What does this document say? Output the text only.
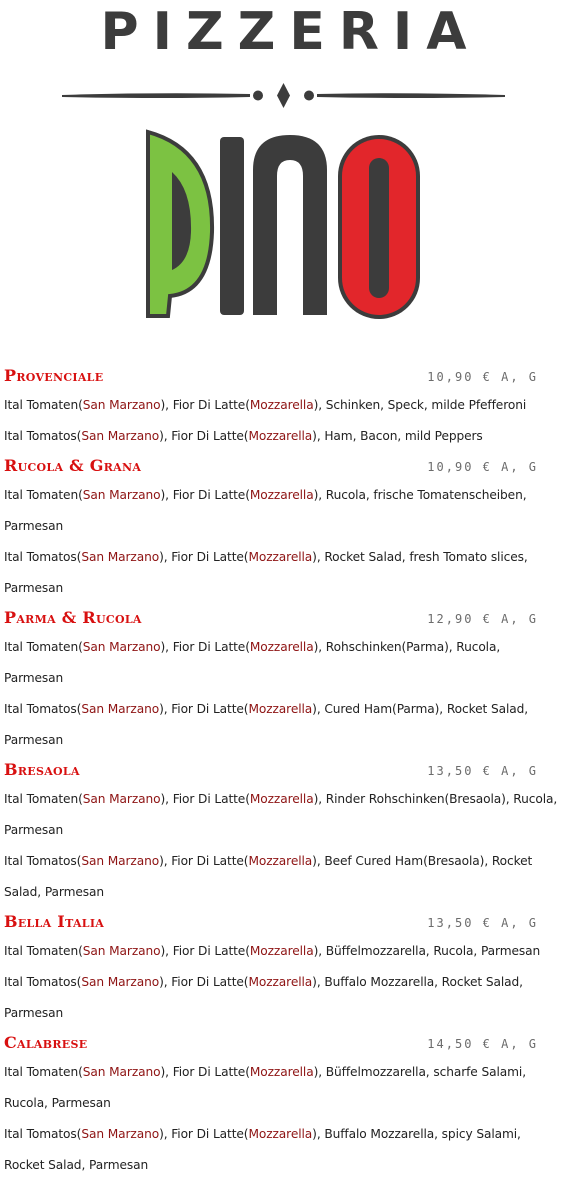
PIZZERIA
Provenciale	10,90 € A, G

Ital Tomaten(San Marzano), Fior Di Latte(Mozzarella), Schinken, Speck, milde Pfefferoni

Ital Tomatos(San Marzano), Fior Di Latte(Mozzarella), Ham, Bacon, mild Peppers

Rucola & Grana	10,90 € A, G

Ital Tomaten(San Marzano), Fior Di Latte(Mozzarella), Rucola, frische Tomatenscheiben, Parmesan

Ital Tomatos(San Marzano), Fior Di Latte(Mozzarella), Rocket Salad, fresh Tomato slices, Parmesan

Parma & Rucola	12,90 € A, G

Ital Tomaten(San Marzano), Fior Di Latte(Mozzarella), Rohschinken(Parma), Rucola, Parmesan

Ital Tomatos(San Marzano), Fior Di Latte(Mozzarella), Cured Ham(Parma), Rocket Salad, Parmesan

Bresaola	13,50 € A, G

Ital Tomaten(San Marzano), Fior Di Latte(Mozzarella), Rinder Rohschinken(Bresaola), Rucola, Parmesan

Ital Tomatos(San Marzano), Fior Di Latte(Mozzarella), Beef Cured Ham(Bresaola), Rocket Salad, Parmesan

Bella Italia	13,50 € A, G

Ital Tomaten(San Marzano), Fior Di Latte(Mozzarella), Büffelmozzarella, Rucola, Parmesan

Ital Tomatos(San Marzano), Fior Di Latte(Mozzarella), Buffalo Mozzarella, Rocket Salad, Parmesan

Calabrese	14,50 € A, G

Ital Tomaten(San Marzano), Fior Di Latte(Mozzarella), Büffelmozzarella, scharfe Salami, Rucola, Parmesan

Ital Tomatos(San Marzano), Fior Di Latte(Mozzarella), Buffalo Mozzarella, spicy Salami, Rocket Salad, Parmesan
